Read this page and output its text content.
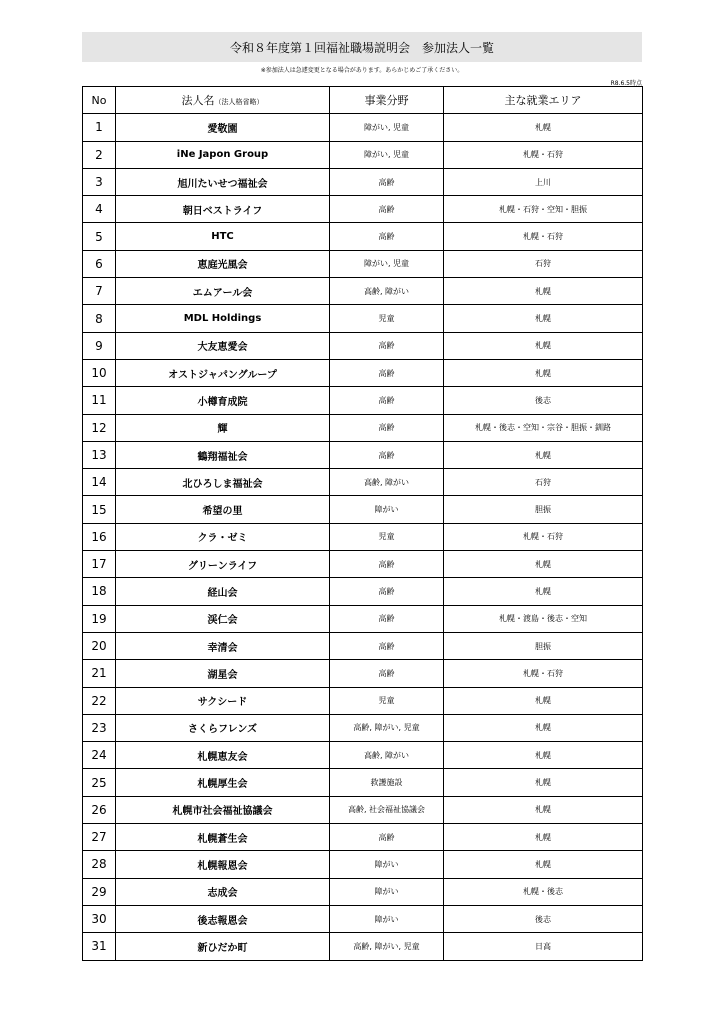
令和８年度第１回福祉職場説明会　参加法人一覧
※参加法人は急遽変更となる場合があります。あらかじめご了承ください。
R8.6.5時点
No	法人名（法人格省略）	事業分野	主な就業エリア
1	愛敬園	障がい, 児童	札幌
2	iNe Japon Group	障がい, 児童	札幌・石狩
3	旭川たいせつ福祉会	高齢	上川
4	朝日ベストライフ	高齢	札幌・石狩・空知・胆振
5	HTC	高齢	札幌・石狩
6	恵庭光風会	障がい, 児童	石狩
7	エムアール会	高齢, 障がい	札幌
8	MDL Holdings	児童	札幌
9	大友恵愛会	高齢	札幌
10	オストジャパングループ	高齢	札幌
11	小樽育成院	高齢	後志
12	輝	高齢	札幌・後志・空知・宗谷・胆振・釧路
13	鶴翔福祉会	高齢	札幌
14	北ひろしま福祉会	高齢, 障がい	石狩
15	希望の里	障がい	胆振
16	クラ・ゼミ	児童	札幌・石狩
17	グリーンライフ	高齢	札幌
18	経山会	高齢	札幌
19	渓仁会	高齢	札幌・渡島・後志・空知
20	幸清会	高齢	胆振
21	湖星会	高齢	札幌・石狩
22	サクシード	児童	札幌
23	さくらフレンズ	高齢, 障がい, 児童	札幌
24	札幌恵友会	高齢, 障がい	札幌
25	札幌厚生会	救護施設	札幌
26	札幌市社会福祉協議会	高齢, 社会福祉協議会	札幌
27	札幌蒼生会	高齢	札幌
28	札幌報恩会	障がい	札幌
29	志成会	障がい	札幌・後志
30	後志報恩会	障がい	後志
31	新ひだか町	高齢, 障がい, 児童	日高
